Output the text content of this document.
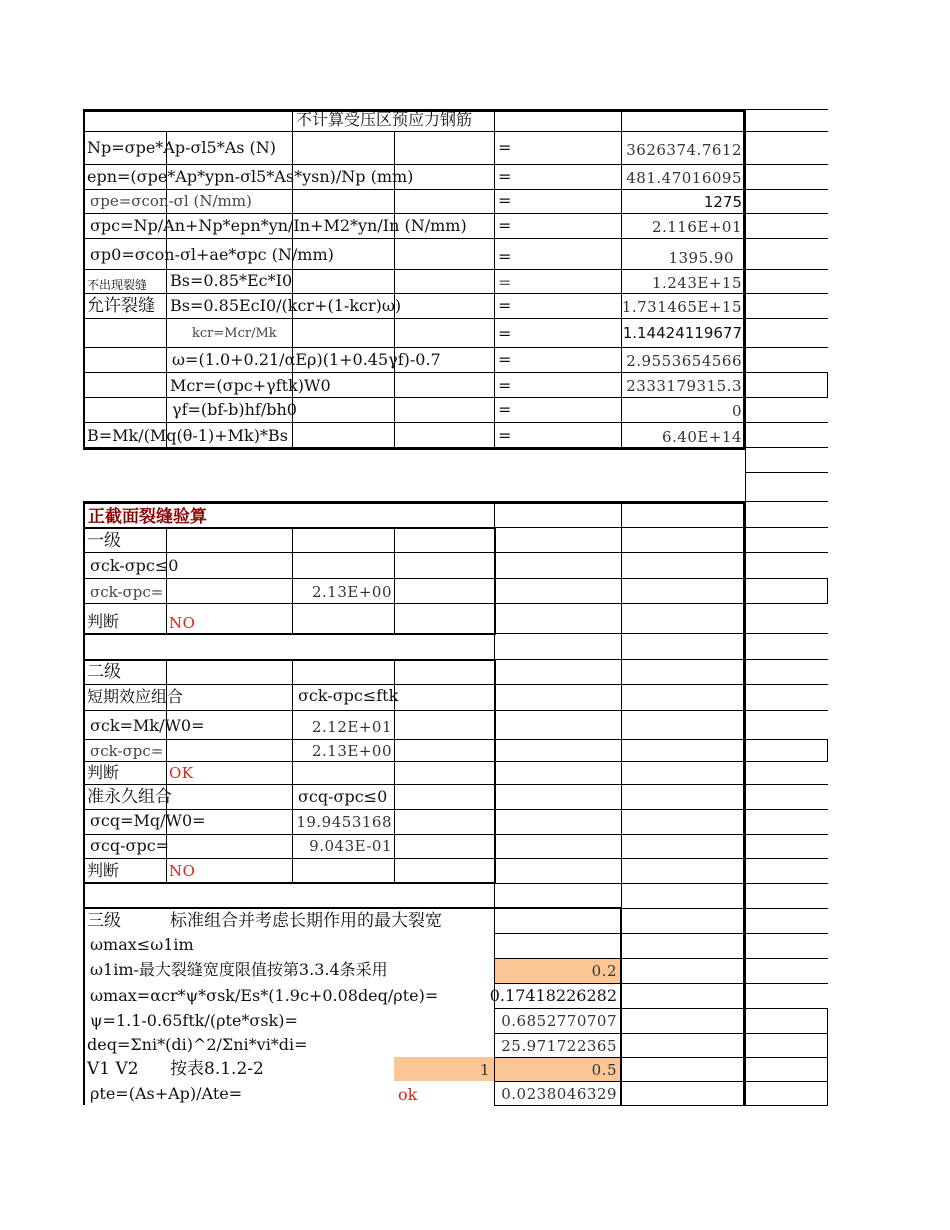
不计算受压区预应力钢筋
Np=σpe*Ap-σl5*As (N)	=	3626374.7612
epn=(σpe*Ap*ypn-σl5*As*ysn)/Np (mm)	=	481.47016095
σpe=σcon-σl (N/mm)	=	1275
σpc=Np/An+Np*epn*yn/In+M2*yn/In (N/mm) =	2.116E+01
σp0=σcon-σl+ae*σpc (N/mm)	=	1395.90
不出现裂缝 Bs=0.85*Ec*I0	=	1.243E+15
允许裂缝 Bs=0.85EcI0/(kcr+(1-kcr)ω)	=	1.731465E+15
kcr=Mcr/Mk	=	1.14424119677
ω=(1.0+0.21/αEρ)(1+0.45γf)-0.7	=	2.9553654566
Mcr=(σpc+γftk)W0	=	2333179315.3
γf=(bf-b)hf/bh0	=	0
B=Mk/(Mq(θ-1)+Mk)*Bs	=	6.40E+14
正截面裂缝验算
一级
σck-σpc≤0
σck-σpc=	2.13E+00
判断	NO
二级
短期效应组合	σck-σpc≤ftk
σck=Mk/W0=	2.12E+01
σck-σpc=	2.13E+00
判断	OK
准永久组合	σcq-σpc≤0
σcq=Mq/W0=	19.9453168
σcq-σpc=	9.043E-01
判断	NO
三级	标准组合并考虑长期作用的最大裂宽
ωmax≤ω1im
ω1im-最大裂缝宽度限值按第3.3.4条采用	0.2
ωmax=αcr*ψ*σsk/Es*(1.9c+0.08deq/ρte)=	0.17418226282
ψ=1.1-0.65ftk/(ρte*σsk)=	0.6852770707
deq=Σni*(di)^2/Σni*vi*di=	25.971722365
V1 V2 按表8.1.2-2	1	0.5
ρte=(As+Ap)/Ate=	ok	0.0238046329
